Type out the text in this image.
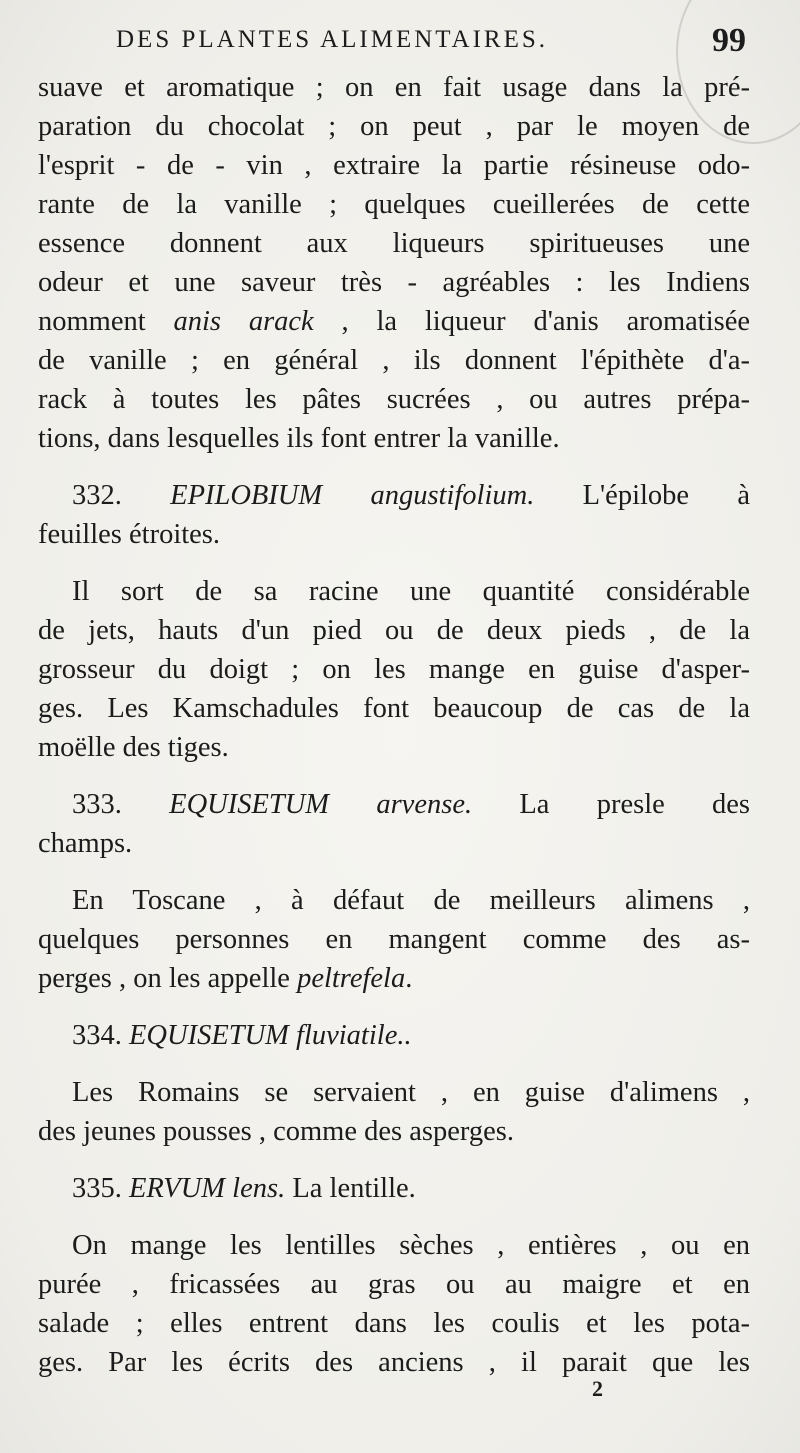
DES PLANTES ALIMENTAIRES.	99
suave et aromatique ; on en fait usage dans la pré-
paration du chocolat ; on peut , par le moyen de
l'esprit - de - vin , extraire la partie résineuse odo-
rante de la vanille ; quelques cueillerées de cette
essence donnent aux liqueurs spiritueuses une
odeur et une saveur très - agréables : les Indiens
nomment anis arack , la liqueur d'anis aromatisée
de vanille ; en général , ils donnent l'épithète d'a-
rack à toutes les pâtes sucrées , ou autres prépa-
tions, dans lesquelles ils font entrer la vanille.
332. EPILOBIUM angustifolium. L'épilobe à
feuilles étroites.
Il sort de sa racine une quantité considérable
de jets, hauts d'un pied ou de deux pieds , de la
grosseur du doigt ; on les mange en guise d'asper-
ges. Les Kamschadules font beaucoup de cas de la
moëlle des tiges.
333. EQUISETUM arvense. La presle des
champs.
En Toscane , à défaut de meilleurs alimens ,
quelques personnes en mangent comme des as-
perges , on les appelle peltrefela.
334. EQUISETUM fluviatile..
Les Romains se servaient , en guise d'alimens ,
des jeunes pousses , comme des asperges.
335. ERVUM lens. La lentille.
On mange les lentilles sèches , entières , ou en
purée , fricassées au gras ou au maigre et en
salade ; elles entrent dans les coulis et les pota-
ges. Par les écrits des anciens , il parait que les
2
